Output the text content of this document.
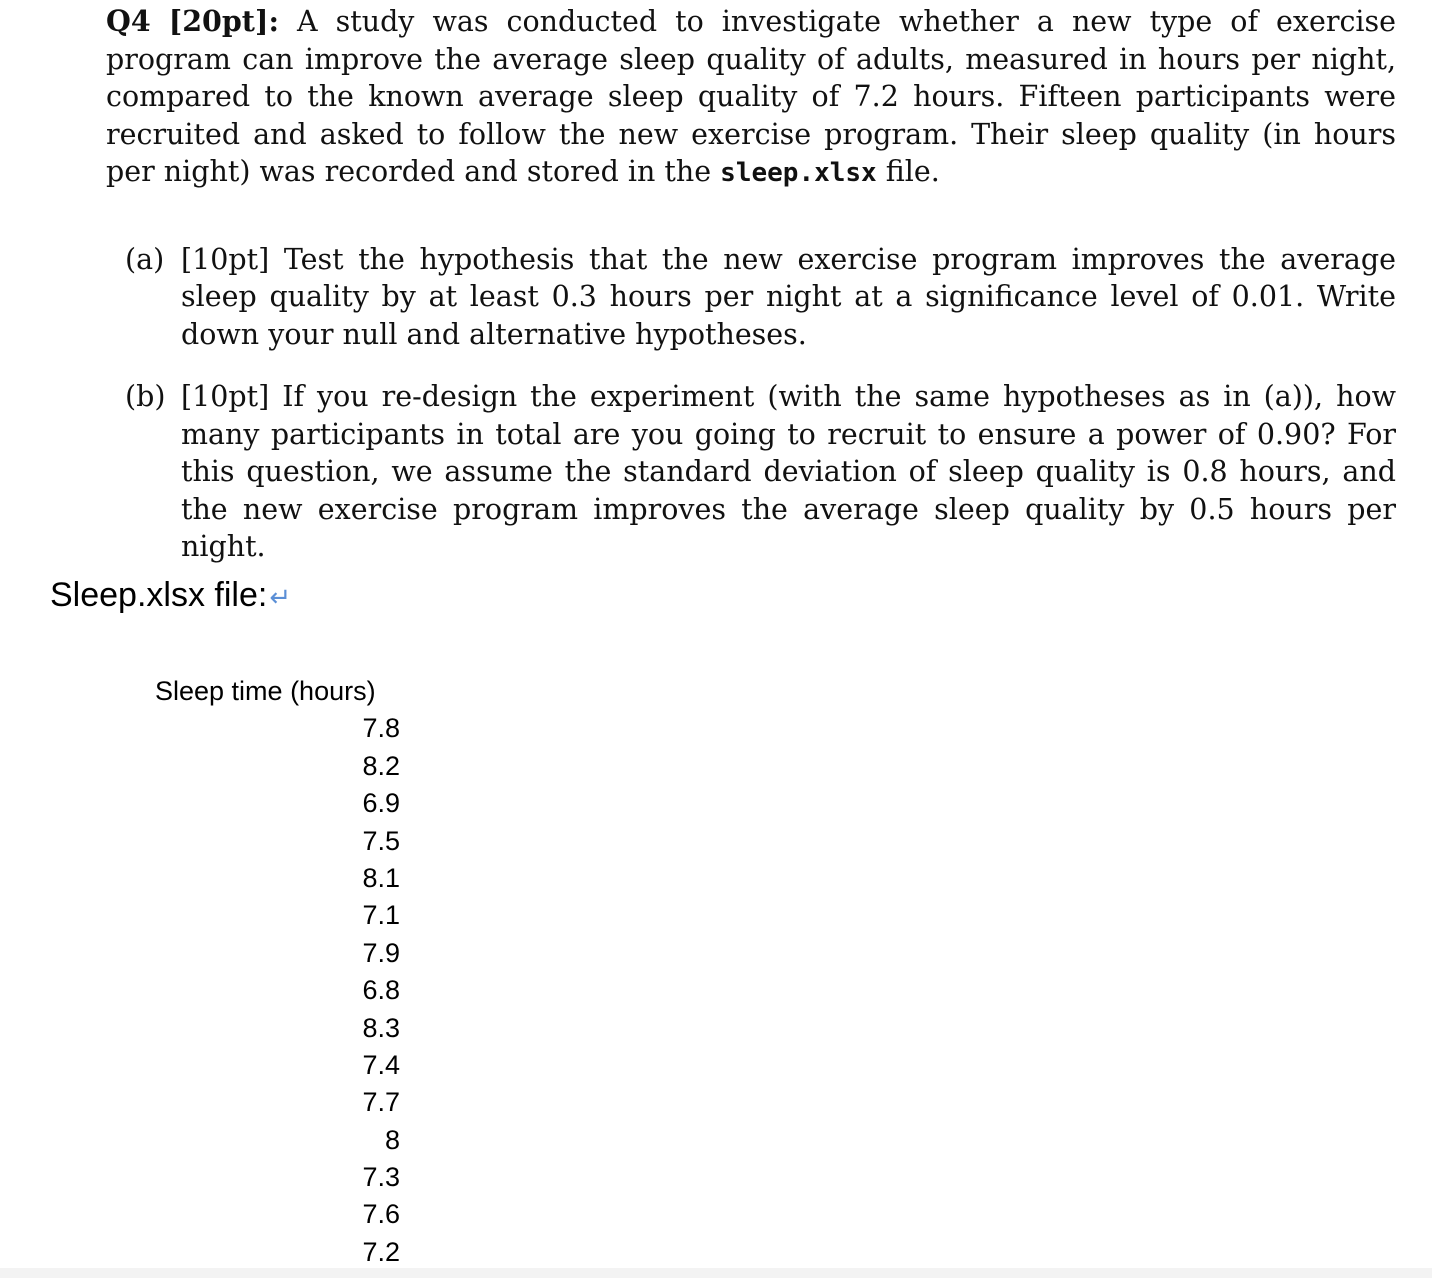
Q4 [20pt]: A study was conducted to investigate whether a new type of exercise program can improve the average sleep quality of adults, measured in hours per night, compared to the known average sleep quality of 7.2 hours. Fifteen participants were recruited and asked to follow the new exercise program. Their sleep quality (in hours per night) was recorded and stored in the sleep.xlsx file.
(a) [10pt] Test the hypothesis that the new exercise program improves the average sleep quality by at least 0.3 hours per night at a significance level of 0.01. Write down your null and alternative hypotheses.
(b) [10pt] If you re-design the experiment (with the same hypotheses as in (a)), how many participants in total are you going to recruit to ensure a power of 0.90? For this question, we assume the standard deviation of sleep quality is 0.8 hours, and the new exercise program improves the average sleep quality by 0.5 hours per night.
Sleep.xlsx file:↵
Sleep time (hours)
7.8
8.2
6.9
7.5
8.1
7.1
7.9
6.8
8.3
7.4
7.7
8
7.3
7.6
7.2
